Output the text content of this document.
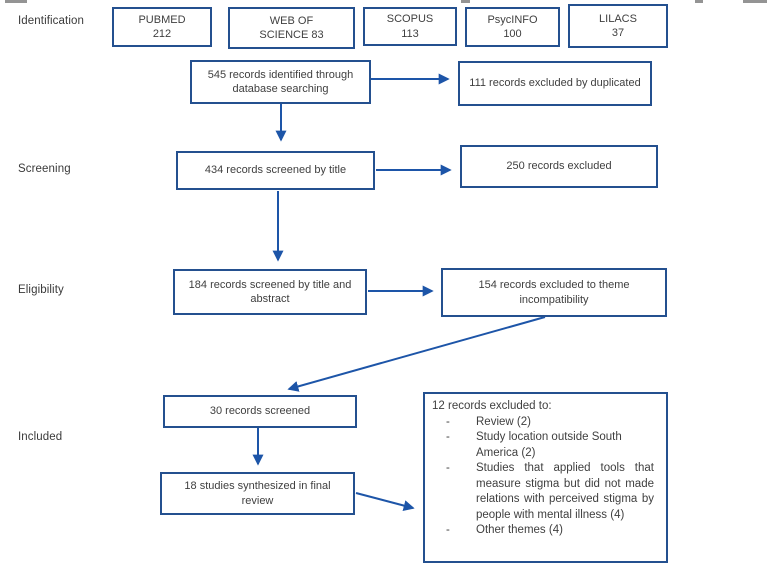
Identification
Screening
Eligibility
Included
PUBMED
212
WEB OF
SCIENCE 83
SCOPUS
113
PsycINFO
100
LILACS
37
545 records identified through database searching	111 records excluded by duplicated
434 records screened by title	250 records excluded
184 records screened by title and abstract
154 records excluded to theme incompatibility
30 records screened
18 studies synthesized in final review
12 records excluded to:
-	Review (2)
-	Study location outside South America (2)
-	Studies that applied tools that measure stigma but did not made relations with perceived stigma by people with mental illness (4)
-	Other themes (4)
